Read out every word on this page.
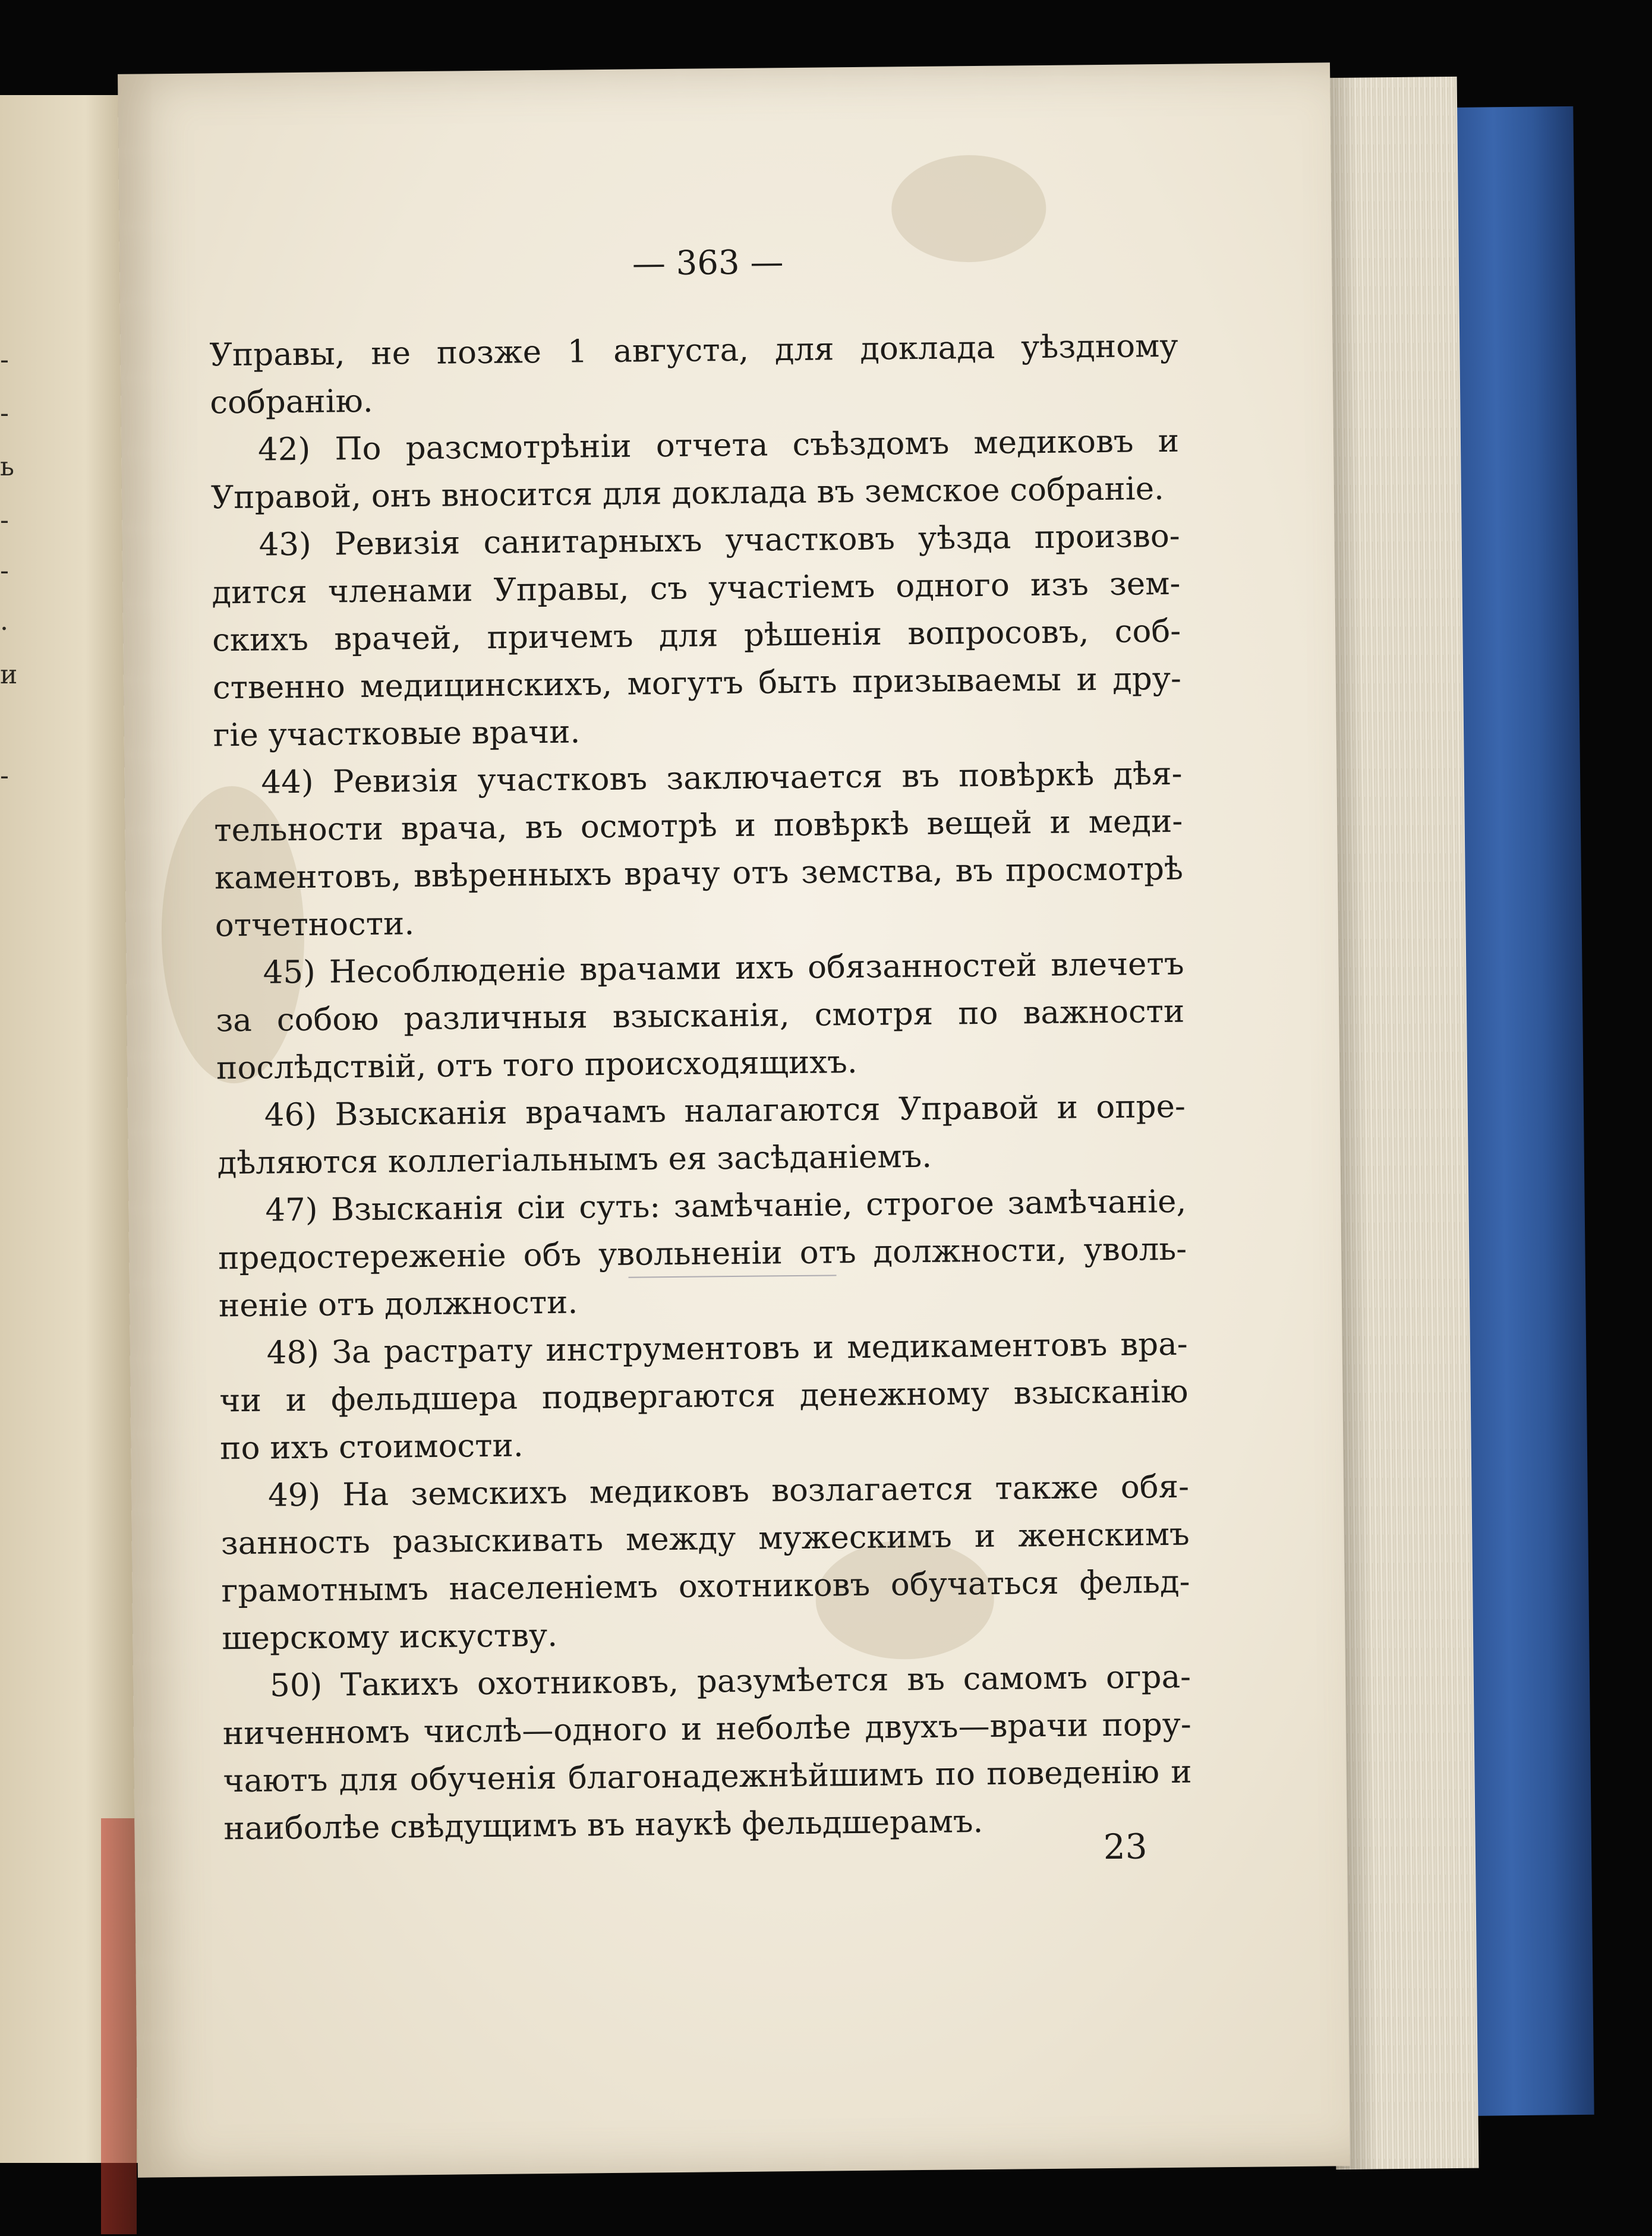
-
-
ь
-
-
.
и
-
— 363 —
Управы, не позже 1 августа, для доклада уѣздному
собранію.
42) По разсмотрѣніи отчета съѣздомъ медиковъ и
Управой, онъ вносится для доклада въ земское собраніе.
43) Ревизія санитарныхъ участковъ уѣзда произво-
дится членами Управы, съ участіемъ одного изъ зем-
скихъ врачей, причемъ для рѣшенія вопросовъ, соб-
ственно медицинскихъ, могутъ быть призываемы и дру-
гіе участковые врачи.
44) Ревизія участковъ заключается въ повѣркѣ дѣя-
тельности врача, въ осмотрѣ и повѣркѣ вещей и меди-
каментовъ, ввѣренныхъ врачу отъ земства, въ просмотрѣ
отчетности.
45) Несоблюденіе врачами ихъ обязанностей влечетъ
за собою различныя взысканія, смотря по важности
послѣдствій, отъ того происходящихъ.
46) Взысканія врачамъ налагаются Управой и опре-
дѣляются коллегіальнымъ ея засѣданіемъ.
47) Взысканія сіи суть: замѣчаніе, строгое замѣчаніе,
предостереженіе объ увольненіи отъ должности, уволь-
неніе отъ должности.
48) За растрату инструментовъ и медикаментовъ вра-
чи и фельдшера подвергаются денежному взысканію
по ихъ стоимости.
49) На земскихъ медиковъ возлагается также обя-
занность разыскивать между мужескимъ и женскимъ
грамотнымъ населеніемъ охотниковъ обучаться фельд-
шерскому искуству.
50) Такихъ охотниковъ, разумѣется въ самомъ огра-
ниченномъ числѣ—одного и неболѣе двухъ—врачи пору-
чаютъ для обученія благонадежнѣйшимъ по поведенію и
наиболѣе свѣдущимъ въ наукѣ фельдшерамъ.	23
